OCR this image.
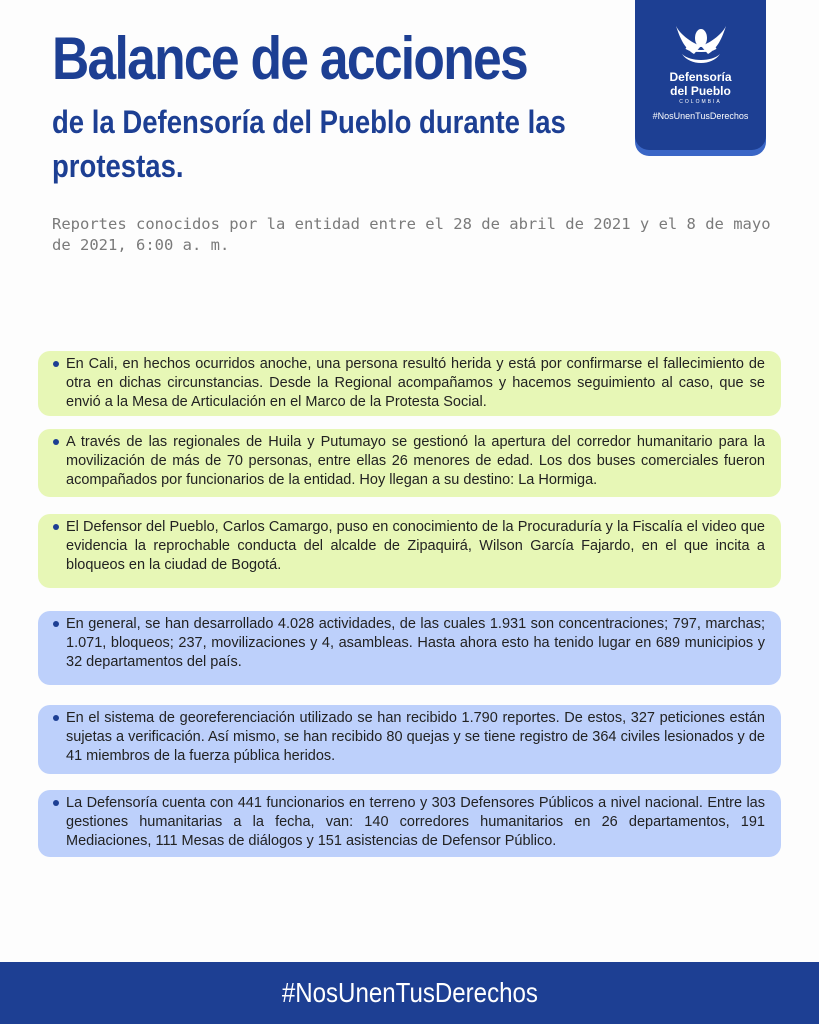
Balance de acciones
de la Defensoría del Pueblo durante las protestas.
Defensoría
del Pueblo
COLOMBIA
#NosUnenTusDerechos
Reportes conocidos por la entidad entre el 28 de abril de 2021 y el 8 de mayo de 2021, 6:00 a. m.
En Cali, en hechos ocurridos anoche, una persona resultó herida y está por confirmarse el fallecimiento de otra en dichas circunstancias. Desde la Regional acompañamos y hacemos seguimiento al caso, que se envió a la Mesa de Articulación en el Marco de la Protesta Social.
A través de las regionales de Huila y Putumayo se gestionó la apertura del corredor humanitario para la movilización de más de 70 personas, entre ellas 26 menores de edad. Los dos buses comerciales fueron acompañados por funcionarios de la entidad. Hoy llegan a su destino: La Hormiga.
El Defensor del Pueblo, Carlos Camargo, puso en conocimiento de la Procuraduría y la Fiscalía el video que evidencia la reprochable conducta del alcalde de Zipaquirá, Wilson García Fajardo, en el que incita a bloqueos en la ciudad de Bogotá.
En general, se han desarrollado 4.028 actividades, de las cuales 1.931 son concentraciones; 797, marchas; 1.071, bloqueos; 237, movilizaciones y 4, asambleas. Hasta ahora esto ha tenido lugar en 689 municipios y 32 departamentos del país.
En el sistema de georeferenciación utilizado se han recibido 1.790 reportes. De estos, 327 peticiones están sujetas a verificación. Así mismo, se han recibido 80 quejas y se tiene registro de 364 civiles lesionados y de 41 miembros de la fuerza pública heridos.
La Defensoría cuenta con 441 funcionarios en terreno y 303 Defensores Públicos a nivel nacional. Entre las gestiones humanitarias a la fecha, van: 140 corredores humanitarios en 26 departamentos, 191 Mediaciones, 111 Mesas de diálogos y 151 asistencias de Defensor Público.
#NosUnenTusDerechos
